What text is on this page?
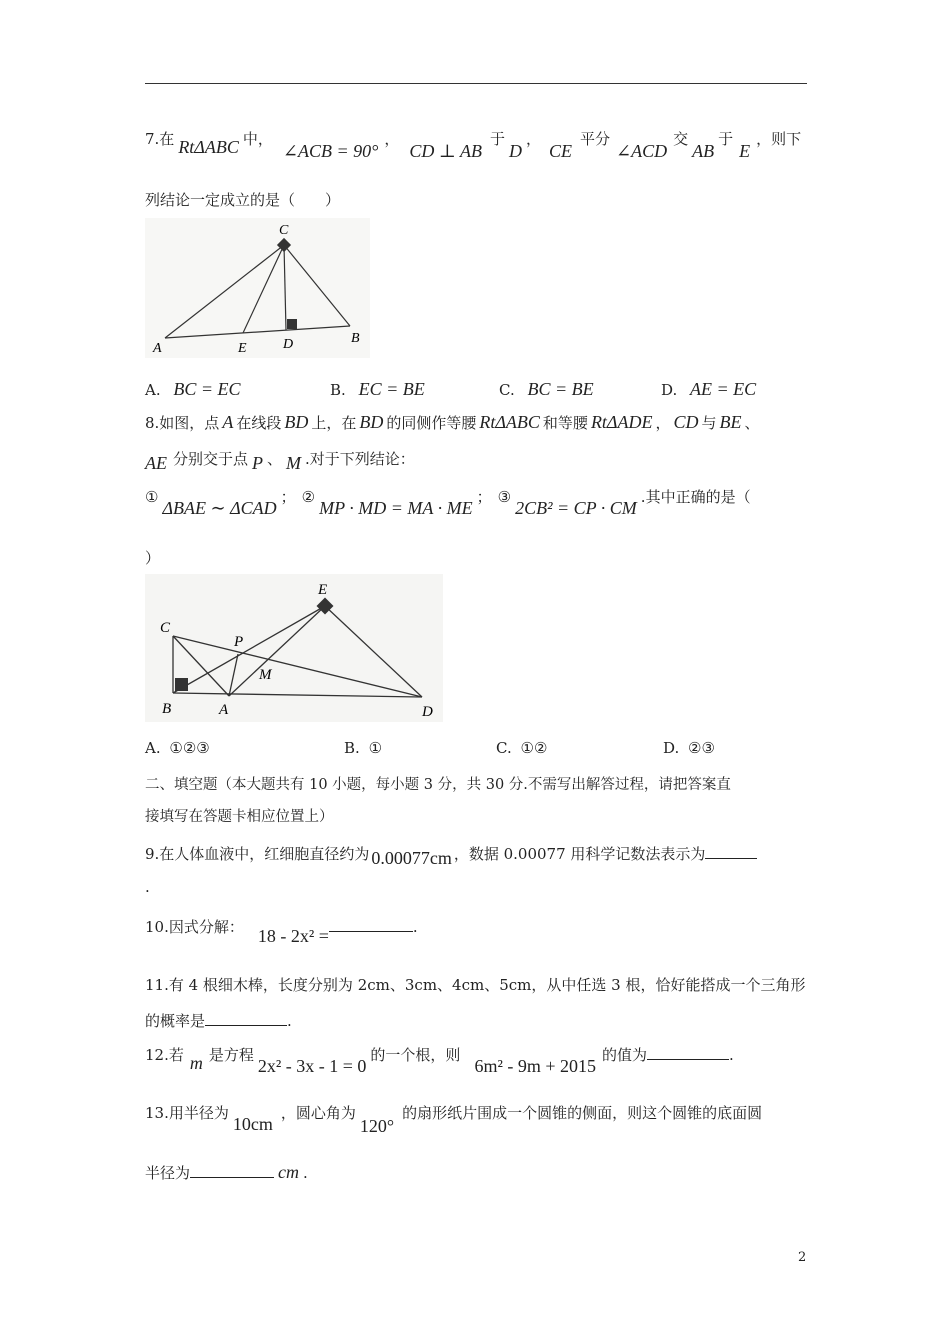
7.在 RtΔABC 中，∠ACB = 90°，CD ⊥ AB于D，CE平分∠ACD交AB于E，则下
列结论一定成立的是（　　）
A
B
C
D
E
A. BC = EC	B. EC = BE	C. BC = BE	D. AE = EC
8.如图，点 A 在线段 BD 上，在 BD 的同侧作等腰 RtΔABC 和等腰 RtΔADE ， CD 与 BE 、
AE 分别交于点 P 、 M .对于下列结论：
①ΔBAE ∼ ΔCAD； ②MP · MD = MA · ME； ③2CB² = CP · CM.其中正确的是（
）
C
B	A	D
E
P
M
A. ①②③	B. ①	C. ①②	D. ②③
二、填空题（本大题共有 10 小题，每小题 3 分，共 30 分.不需写出解答过程，请把答案直
接填写在答题卡相应位置上）
9.在人体血液中，红细胞直径约为 0.00077cm ，数据 0.00077 用科学记数法表示为
.
10.因式分解： 18 - 2x² =	.
11.有 4 根细木棒，长度分别为 2cm、3cm、4cm、5cm，从中任选 3 根，恰好能搭成一个三角形
的概率是	.
12.若 m 是方程2x² - 3x - 1 = 0的一个根，则6m² - 9m + 2015的值为	.
13.用半径为10cm，圆心角为120°的扇形纸片围成一个圆锥的侧面，则这个圆锥的底面圆
半径为	cm .
2
